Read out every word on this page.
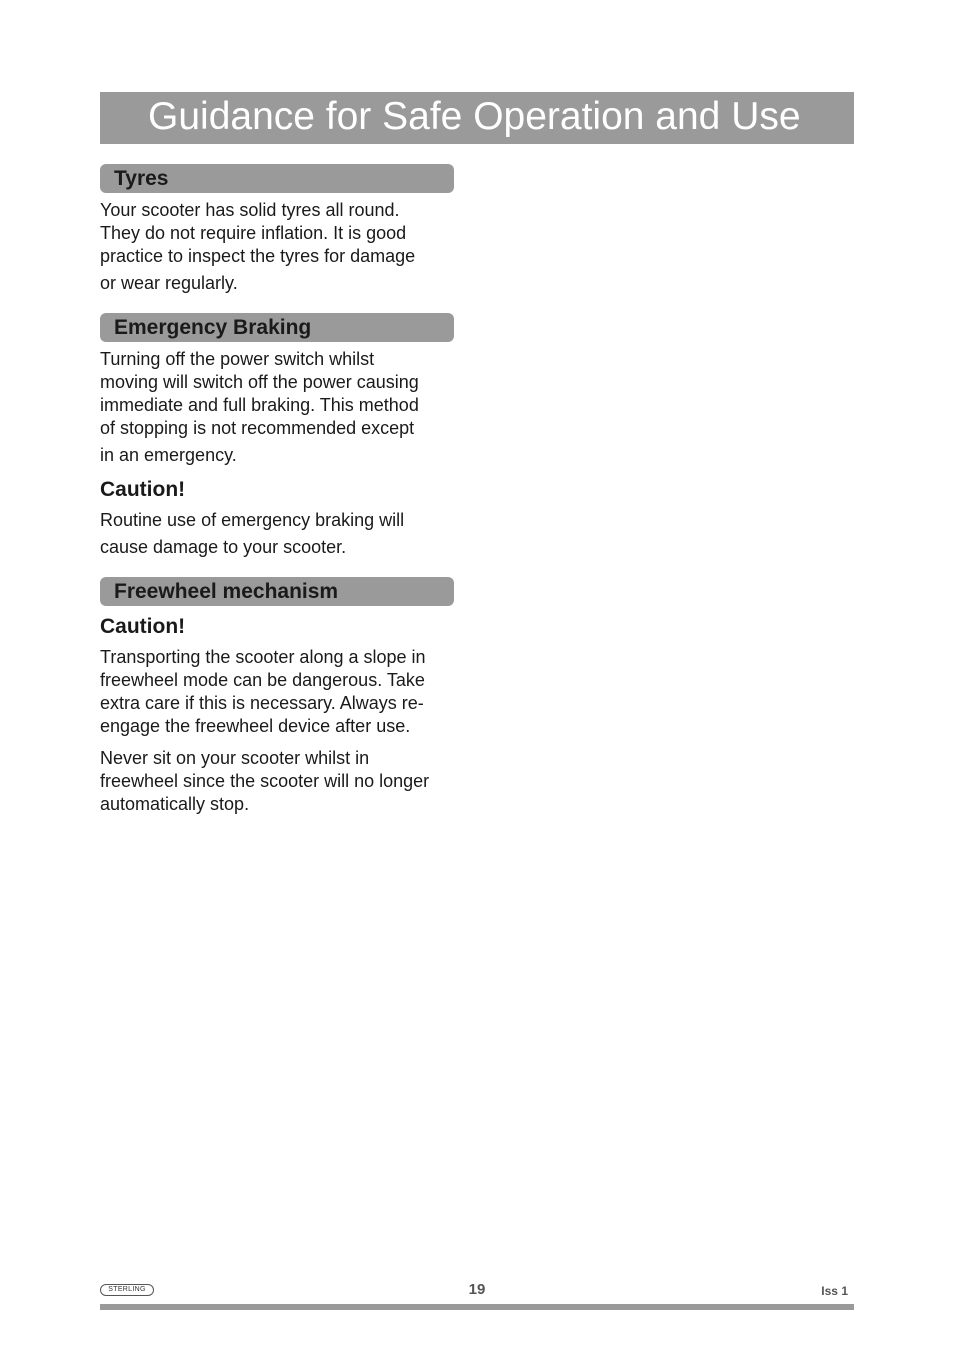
Guidance for Safe Operation and Use
Tyres

Your scooter has solid tyres all round.

They do not require inflation. It is good

practice to inspect the tyres for damage

or wear regularly.

Emergency Braking

Turning off the power switch whilst

moving will switch off the power causing

immediate and full braking. This method

of stopping is not recommended except

in an emergency.

Caution!

Routine use of emergency braking will

cause damage to your scooter.

Freewheel mechanism

Caution!

Transporting the scooter along a slope in

freewheel mode can be dangerous. Take

extra care if this is necessary. Always re-

engage the freewheel device after use.

Never sit on your scooter whilst in

freewheel since the scooter will no longer

automatically stop.

STERLING	19	Iss 1
